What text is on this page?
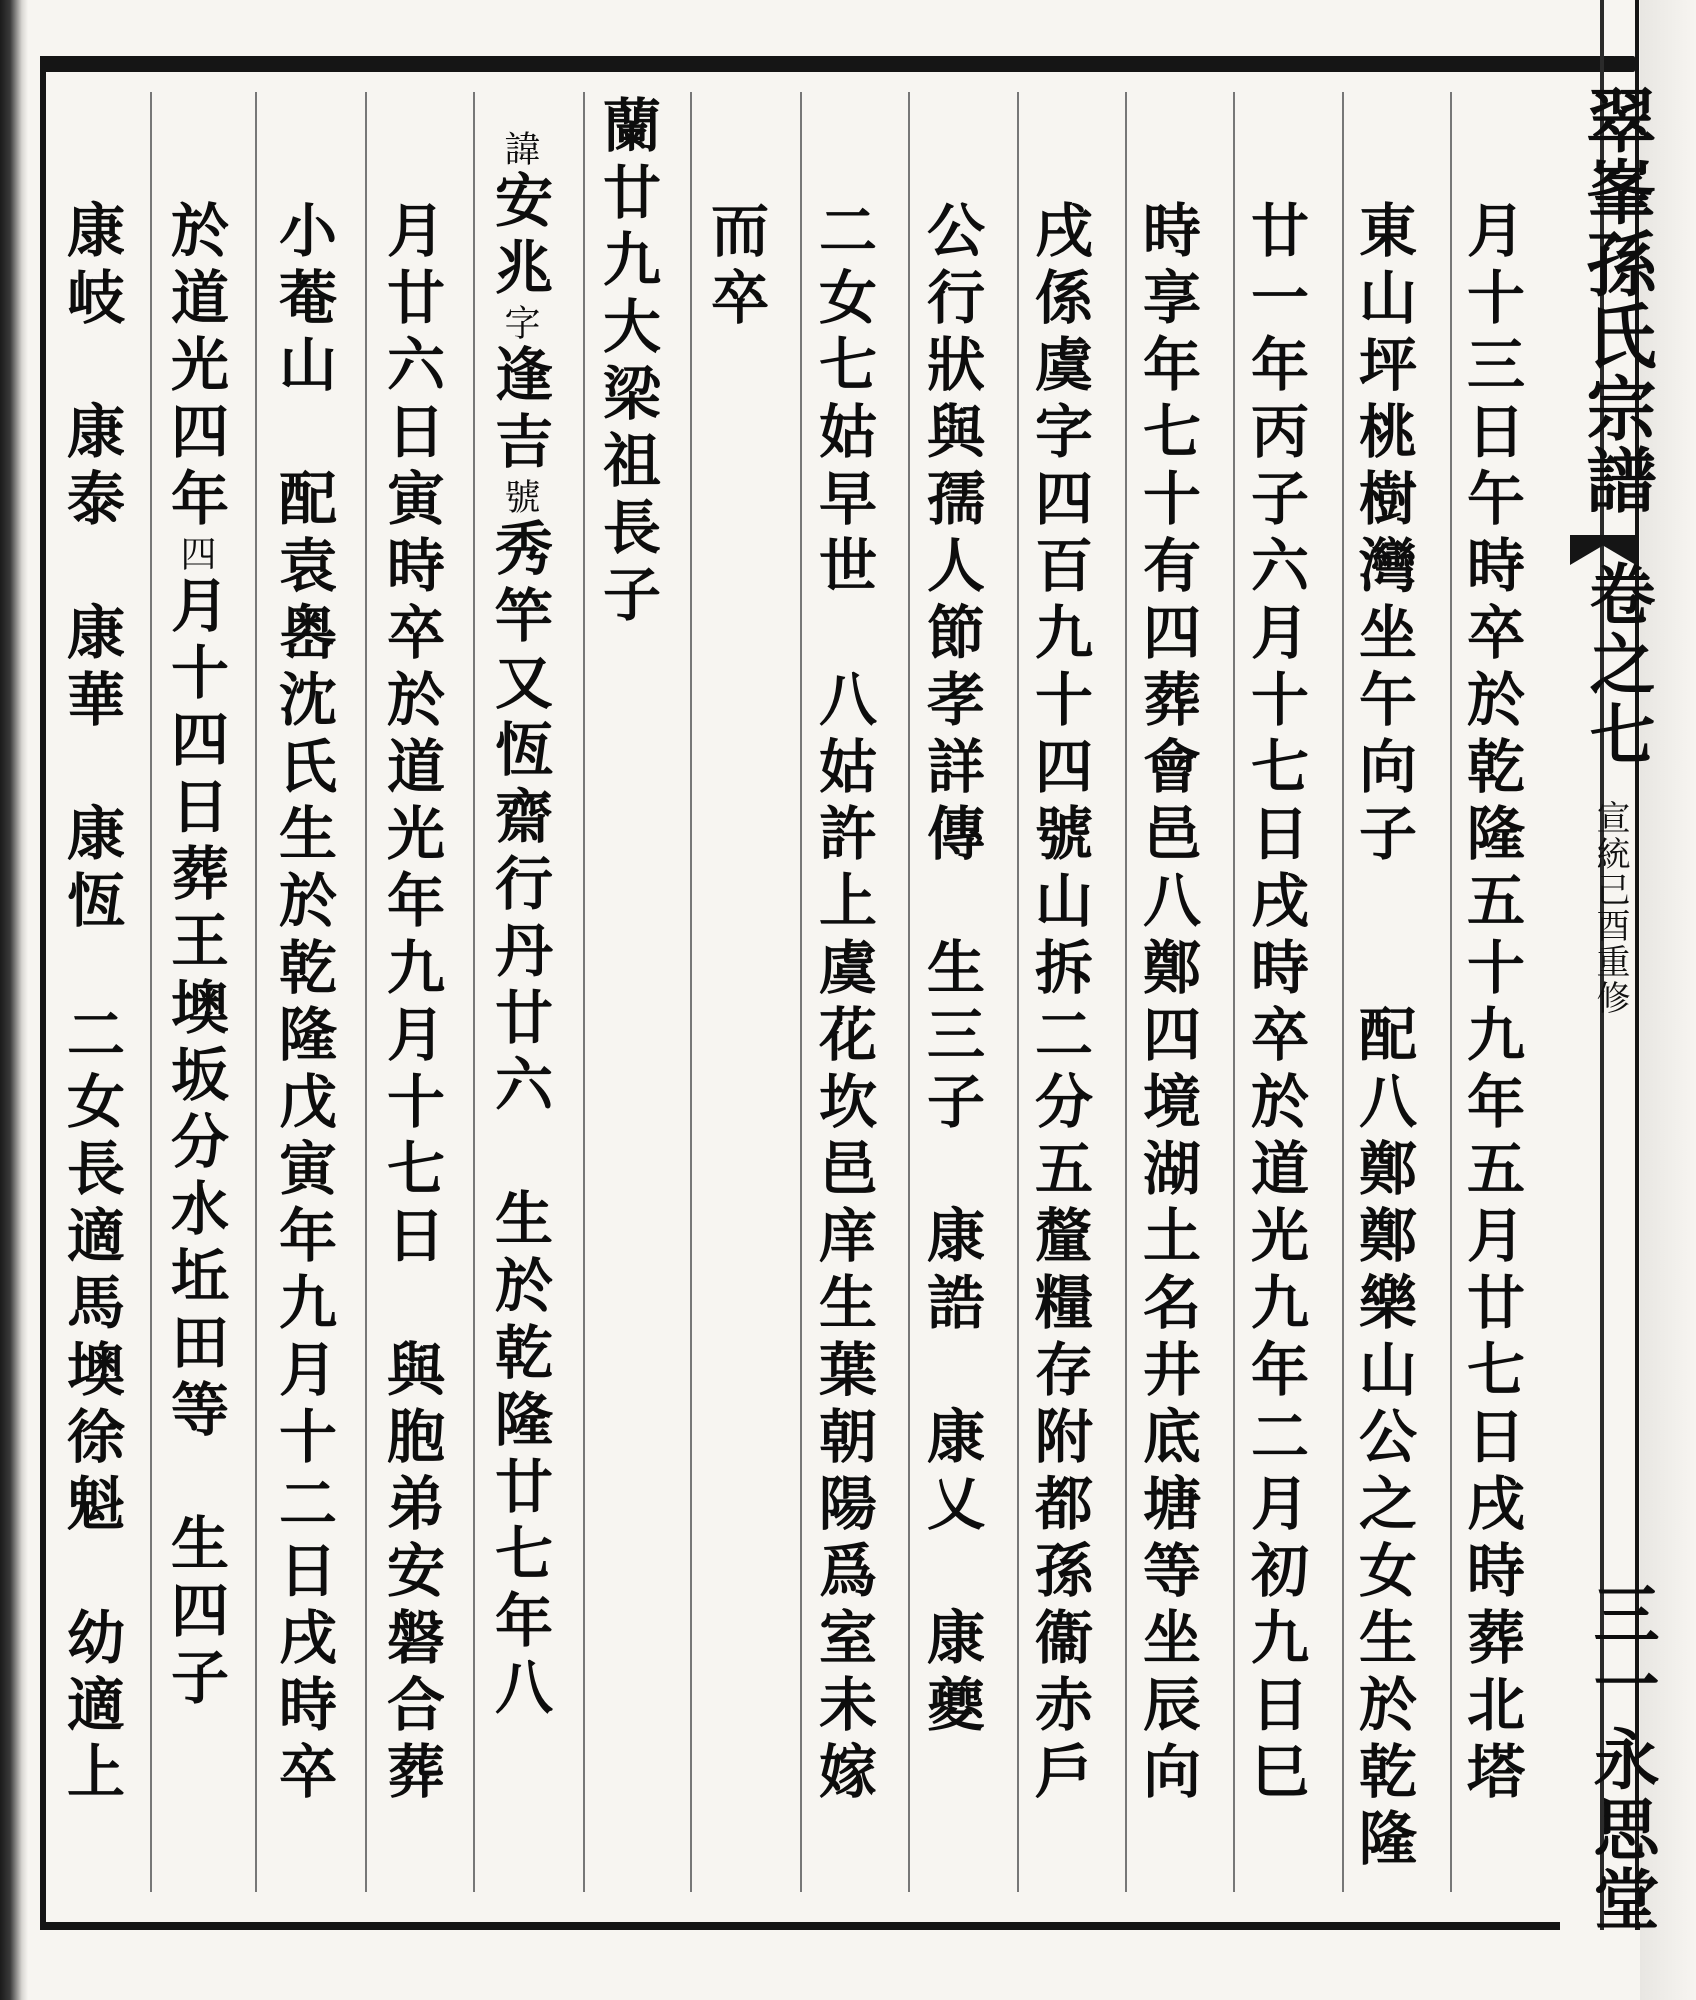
月十三日午時卒於乾隆五十九年五月廿七日戌時葬北塔
東山坪桃樹灣坐午向子　　配八鄭鄭樂山公之女生於乾隆
廿一年丙子六月十七日戌時卒於道光九年二月初九日巳
時享年七十有四葬會邑八鄭四境湖土名井底塘等坐辰向
戌係虞字四百九十四號山拆二分五釐糧存附都孫衞赤戶
公行狀與孺人節孝詳傳　生三子　康誥　康乂　康夔
二女七姑早世　八姑許上虞花坎邑庠生葉朝陽爲室未嫁
而卒
蘭廿九大梁祖長子
諱安兆字逢吉號秀竿又恆齋行丹廿六　生於乾隆廿七年八
月廿六日寅時卒於道光年九月十七日　與胞弟安磐合葬
小菴山　配袁嶴沈氏生於乾隆戊寅年九月十二日戌時卒
於道光四年四月十四日葬王墺坂分水坵田等　生四子
康岐　康泰　康華　康恆　二女長適馬墺徐魁　幼適上	翠峯孫氏宗譜
卷之七
宣統己酉重修
三一
永思堂
